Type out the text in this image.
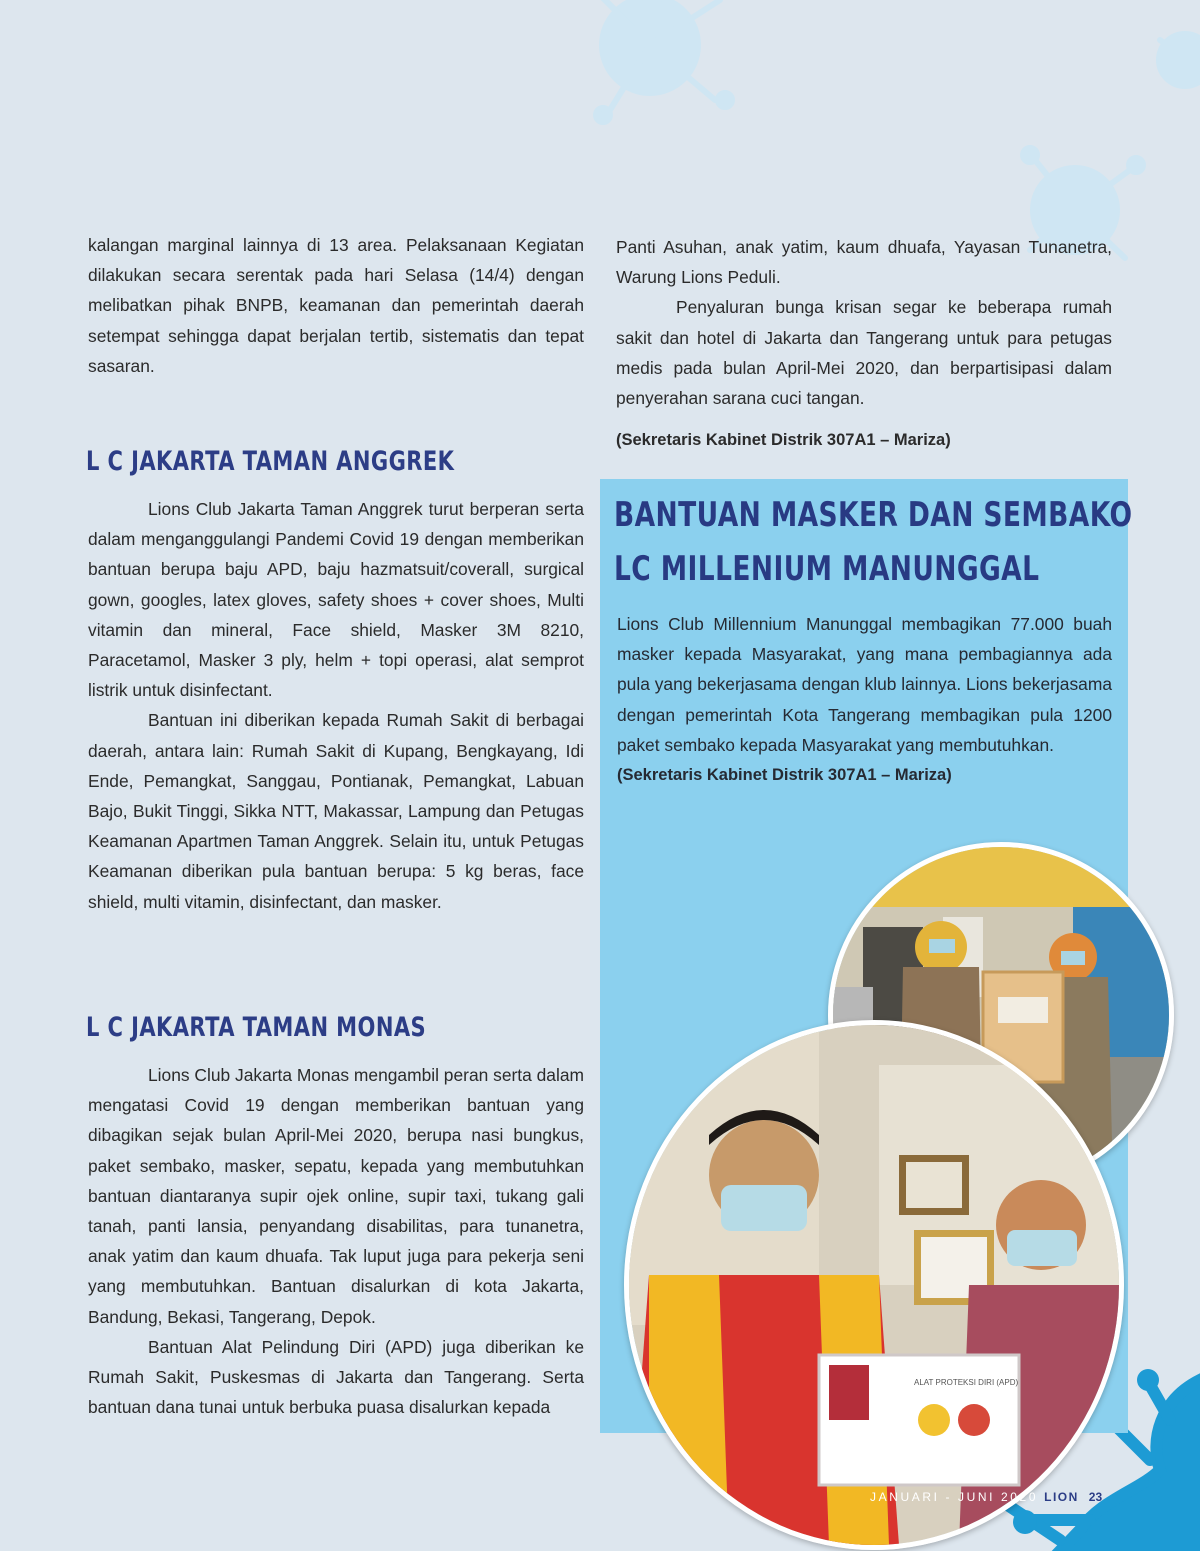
kalangan marginal lainnya di 13 area. Pelaksanaan Kegiatan dilakukan secara serentak pada hari Selasa (14/4) dengan melibatkan pihak BNPB, keamanan dan pemerintah daerah setempat sehingga dapat berjalan tertib, sistematis dan tepat sasaran.

L C JAKARTA TAMAN ANGGREK

Lions Club Jakarta Taman Anggrek turut berperan serta dalam menganggulangi Pandemi Covid 19 dengan memberikan bantuan berupa baju APD, baju hazmatsuit/coverall, surgical gown, googles, latex gloves, safety shoes + cover shoes, Multi vitamin dan mineral, Face shield, Masker 3M 8210, Paracetamol, Masker 3 ply, helm + topi operasi, alat semprot listrik untuk disinfectant.

Bantuan ini diberikan kepada Rumah Sakit di berbagai daerah, antara lain: Rumah Sakit di Kupang, Bengkayang, Idi Ende, Pemangkat, Sanggau, Pontianak, Pemangkat, Labuan Bajo, Bukit Tinggi, Sikka NTT, Makassar, Lampung dan Petugas Keamanan Apartmen Taman Anggrek. Selain itu, untuk Petugas Keamanan diberikan pula bantuan berupa: 5 kg beras, face shield, multi vitamin, disinfectant, dan masker.

L C JAKARTA TAMAN MONAS

Lions Club Jakarta Monas mengambil peran serta dalam mengatasi Covid 19 dengan memberikan bantuan yang dibagikan sejak bulan April-Mei 2020, berupa nasi bungkus, paket sembako, masker, sepatu, kepada yang membutuhkan bantuan diantaranya supir ojek online, supir taxi, tukang gali tanah, panti lansia, penyandang disabilitas, para tunanetra, anak yatim dan kaum dhuafa. Tak luput juga para pekerja seni yang membutuhkan. Bantuan disalurkan di kota Jakarta, Bandung, Bekasi, Tangerang, Depok.

Bantuan Alat Pelindung Diri (APD) juga diberikan ke Rumah Sakit, Puskesmas di Jakarta dan Tangerang. Serta bantuan dana tunai untuk berbuka puasa disalurkan kepada

Panti Asuhan, anak yatim, kaum dhuafa, Yayasan Tunanetra, Warung Lions Peduli.

Penyaluran bunga krisan segar ke beberapa rumah sakit dan hotel di Jakarta dan Tangerang untuk para petugas medis pada bulan April-Mei 2020, dan berpartisipasi dalam penyerahan sarana cuci tangan.

(Sekretaris Kabinet Distrik 307A1 – Mariza)

BANTUAN MASKER DAN SEMBAKO
LC MILLENIUM MANUNGGAL

Lions Club Millennium Manunggal membagikan 77.000 buah masker kepada Masyarakat, yang mana pembagiannya ada pula yang bekerjasama dengan klub lainnya. Lions bekerjasama dengan pemerintah Kota Tangerang membagikan pula 1200 paket sembako kepada Masyarakat yang membutuhkan.

(Sekretaris Kabinet Distrik 307A1 – Mariza)

ALAT PROTEKSI DIRI (APD)
JANUARI - JUNI 2020 LION 23
